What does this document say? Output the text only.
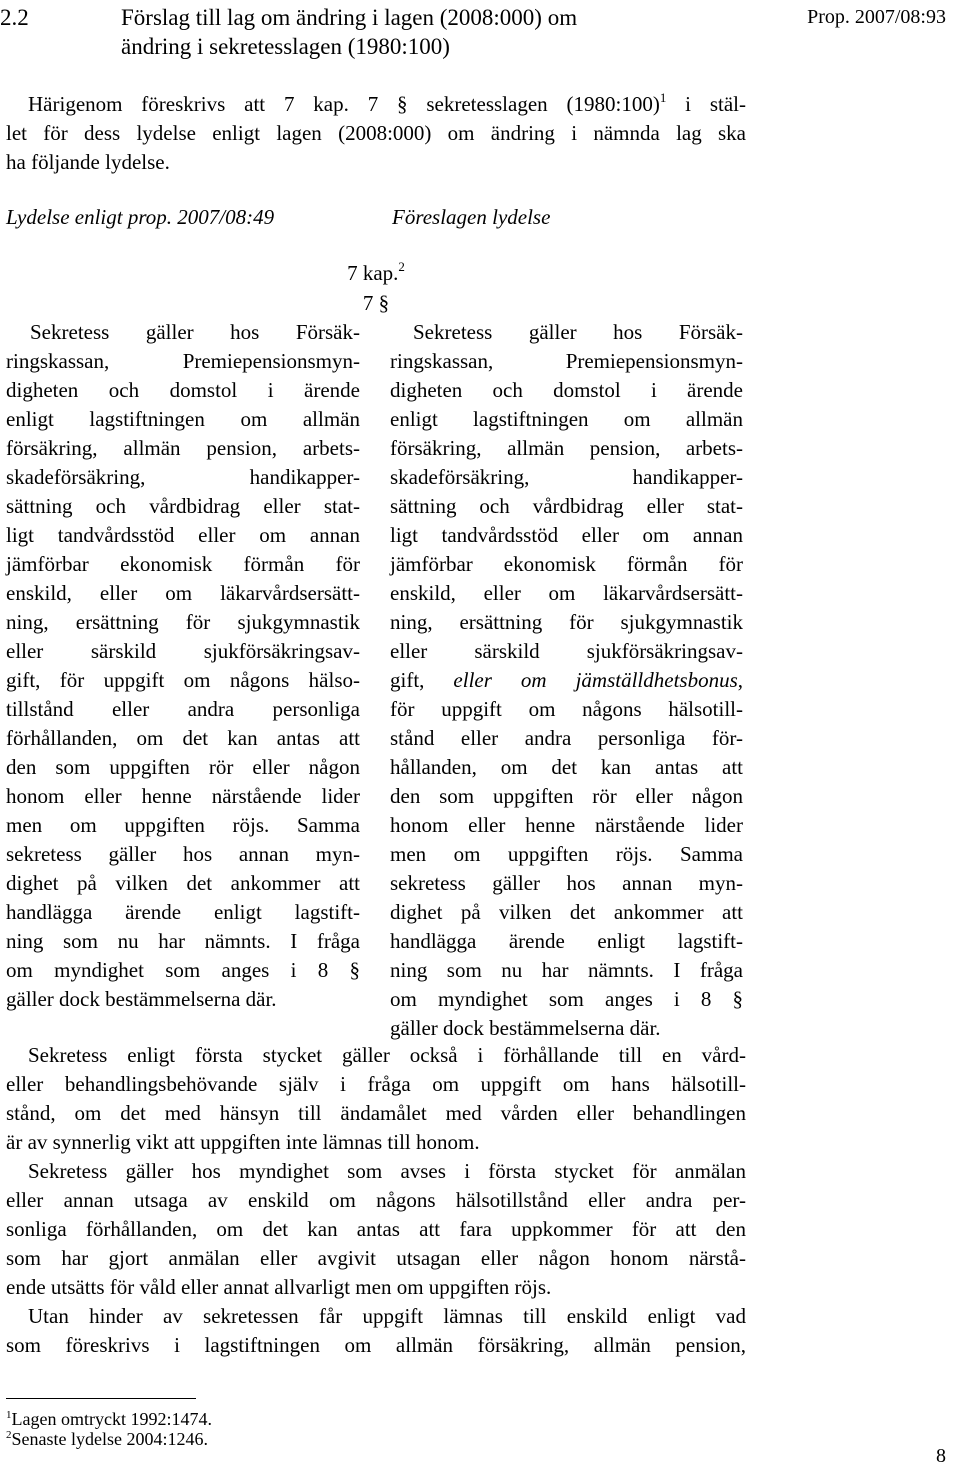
2.2	Förslag till lag om ändring i lagen (2008:000) om
ändring i sekretesslagen (1980:100)
Prop. 2007/08:93
Härigenom föreskrivs att 7 kap. 7 § sekretesslagen (1980:100)$^1$ i stäl-
let för dess lydelse enligt lagen (2008:000) om ändring i nämnda lag ska
ha följande lydelse.
Lydelse enligt prop. 2007/08:49	Föreslagen lydelse
7 kap.$^2$
7 §
Sekretess gäller hos Försäk-
ringskassan, Premiepensionsmyn-
digheten och domstol i ärende
enligt lagstiftningen om allmän
försäkring, allmän pension, arbets-
skadeförsäkring, handikapper-
sättning och vårdbidrag eller stat-
ligt tandvårdsstöd eller om annan
jämförbar ekonomisk förmån för
enskild, eller om läkarvårdsersätt-
ning, ersättning för sjukgymnastik
eller särskild sjukförsäkringsav-
gift, för uppgift om någons hälso-
tillstånd eller andra personliga
förhållanden, om det kan antas att
den som uppgiften rör eller någon
honom eller henne närstående lider
men om uppgiften röjs. Samma
sekretess gäller hos annan myn-
dighet på vilken det ankommer att
handlägga ärende enligt lagstift-
ning som nu har nämnts. I fråga
om myndighet som anges i 8 §
gäller dock bestämmelserna där.
Sekretess gäller hos Försäk-
ringskassan, Premiepensionsmyn-
digheten och domstol i ärende
enligt lagstiftningen om allmän
försäkring, allmän pension, arbets-
skadeförsäkring, handikapper-
sättning och vårdbidrag eller stat-
ligt tandvårdsstöd eller om annan
jämförbar ekonomisk förmån för
enskild, eller om läkarvårdsersätt-
ning, ersättning för sjukgymnastik
eller särskild sjukförsäkringsav-
gift, eller om jämställdhetsbonus,
för uppgift om någons hälsotill-
stånd eller andra personliga för-
hållanden, om det kan antas att
den som uppgiften rör eller någon
honom eller henne närstående lider
men om uppgiften röjs. Samma
sekretess gäller hos annan myn-
dighet på vilken det ankommer att
handlägga ärende enligt lagstift-
ning som nu har nämnts. I fråga
om myndighet som anges i 8 §
gäller dock bestämmelserna där.
Sekretess enligt första stycket gäller också i förhållande till en vård-
eller behandlingsbehövande själv i fråga om uppgift om hans hälsotill-
stånd, om det med hänsyn till ändamålet med vården eller behandlingen
är av synnerlig vikt att uppgiften inte lämnas till honom.
Sekretess gäller hos myndighet som avses i första stycket för anmälan
eller annan utsaga av enskild om någons hälsotillstånd eller andra per-
sonliga förhållanden, om det kan antas att fara uppkommer för att den
som har gjort anmälan eller avgivit utsagan eller någon honom närstå-
ende utsätts för våld eller annat allvarligt men om uppgiften röjs.
Utan hinder av sekretessen får uppgift lämnas till enskild enligt vad
som föreskrivs i lagstiftningen om allmän försäkring, allmän pension,
$^1$Lagen omtryckt 1992:1474.
$^2$Senaste lydelse 2004:1246.
8
